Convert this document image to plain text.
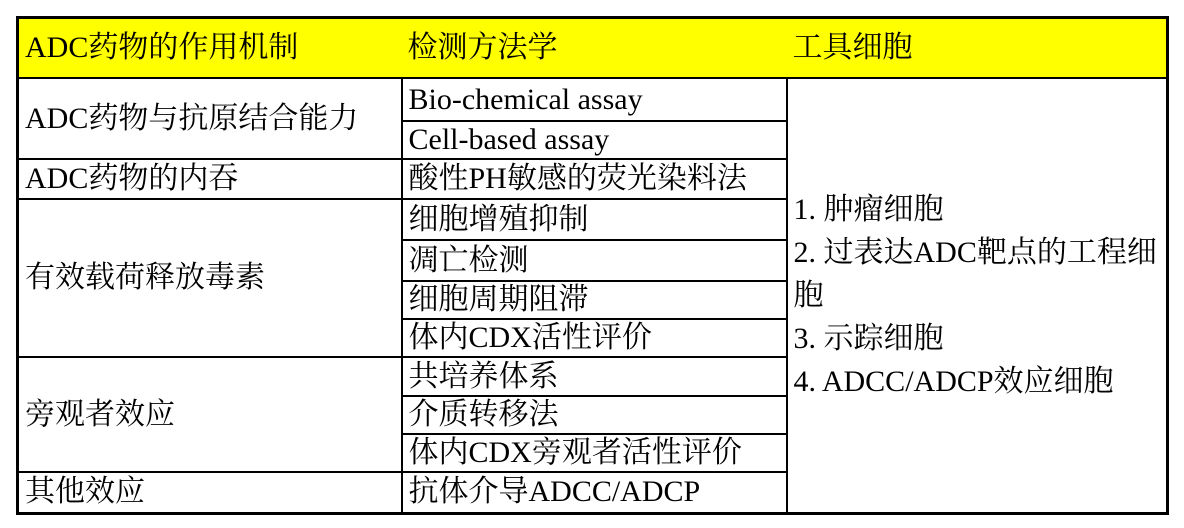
ADC药物的作用机制	检测方法学	工具细胞
ADC药物与抗原结合能力	Bio-chemical assay	1. 肿瘤细胞
2. 过表达ADC靶点的工程细胞
3. 示踪细胞
4. ADCC/ADCP效应细胞

	Cell-based assay	
ADC药物的内吞	酸性PH敏感的荧光染料法	
有效载荷释放毒素	细胞增殖抑制	
	凋亡检测	
	细胞周期阻滞	
	体内CDX活性评价	
旁观者效应	共培养体系	
	介质转移法	
	体内CDX旁观者活性评价	
其他效应	抗体介导ADCC/ADCP	
